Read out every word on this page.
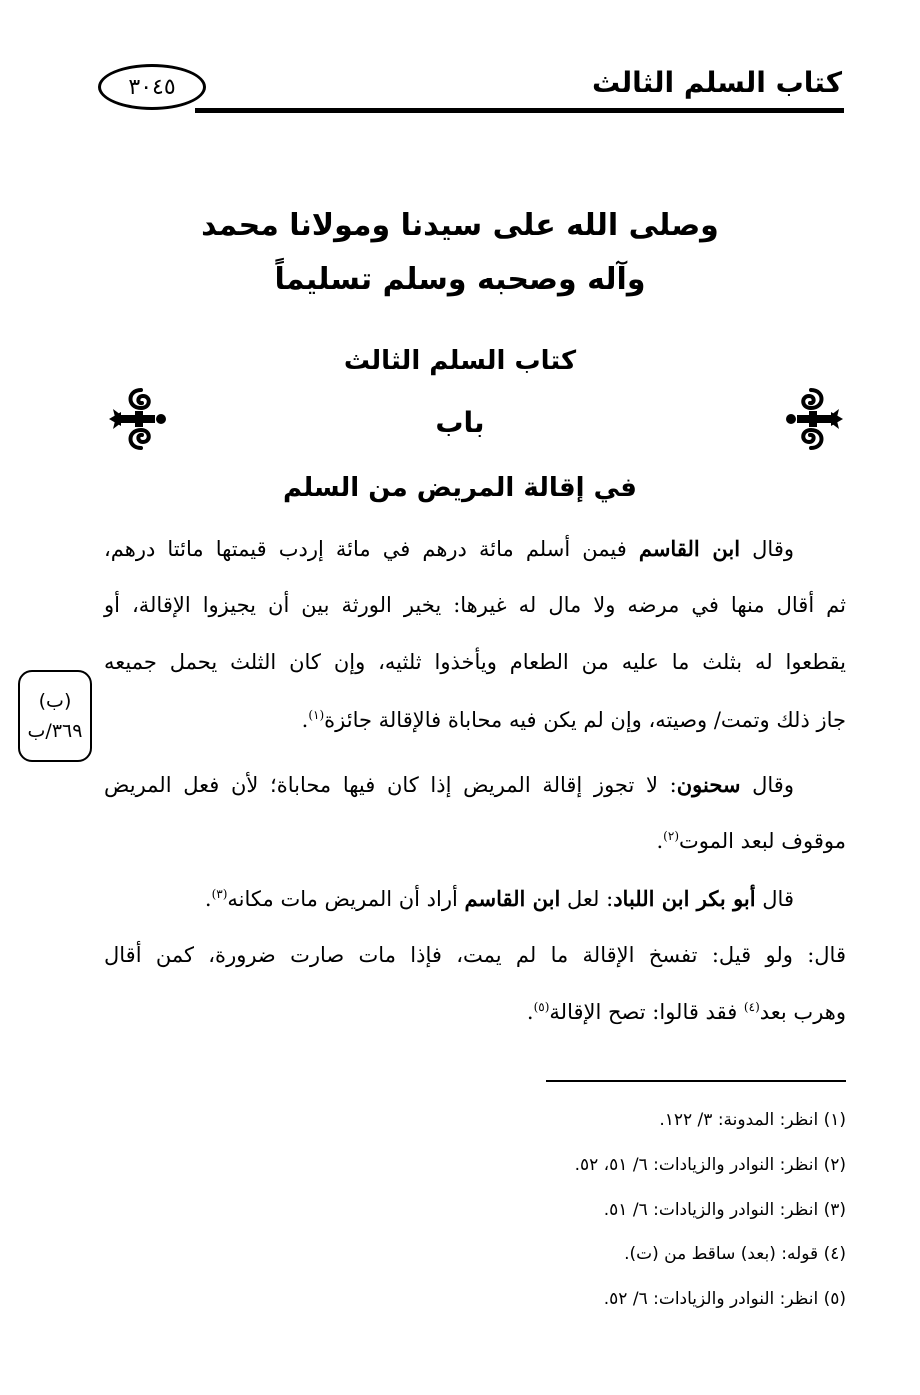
كتاب السلم الثالث
٣٠٤٥
وصلى الله على سيدنا ومولانا محمد
وآله وصحبه وسلم تسليماً
كتاب السلم الثالث
باب
في إقالة المريض من السلم
وقال ابن القاسم فيمن أسلم مائة درهم في مائة إردب قيمتها مائتا درهم،
ثم أقال منها في مرضه ولا مال له غيرها: يخير الورثة بين أن يجيزوا الإقالة، أو
يقطعوا له بثلث ما عليه من الطعام ويأخذوا ثلثيه، وإن كان الثلث يحمل جميعه
جاز ذلك وتمت/ وصيته، وإن لم يكن فيه محاباة فالإقالة جائزة$^{(١)}$.
(ب)
٣٦٩/ب
وقال سحنون: لا تجوز إقالة المريض إذا كان فيها محاباة؛ لأن فعل المريض
موقوف لبعد الموت$^{(٢)}$.
قال أبو بكر ابن اللباد: لعل ابن القاسم أراد أن المريض مات مكانه$^{(٣)}$.
قال: ولو قيل: تفسخ الإقالة ما لم يمت، فإذا مات صارت ضرورة، كمن أقال
وهرب بعد$^{(٤)}$ فقد قالوا: تصح الإقالة$^{(٥)}$.
(١) انظر: المدونة: ٣/ ١٢٢.
(٢) انظر: النوادر والزيادات: ٦/ ٥١، ٥٢.
(٣) انظر: النوادر والزيادات: ٦/ ٥١.
(٤) قوله: (بعد) ساقط من (ت).
(٥) انظر: النوادر والزيادات: ٦/ ٥٢.
